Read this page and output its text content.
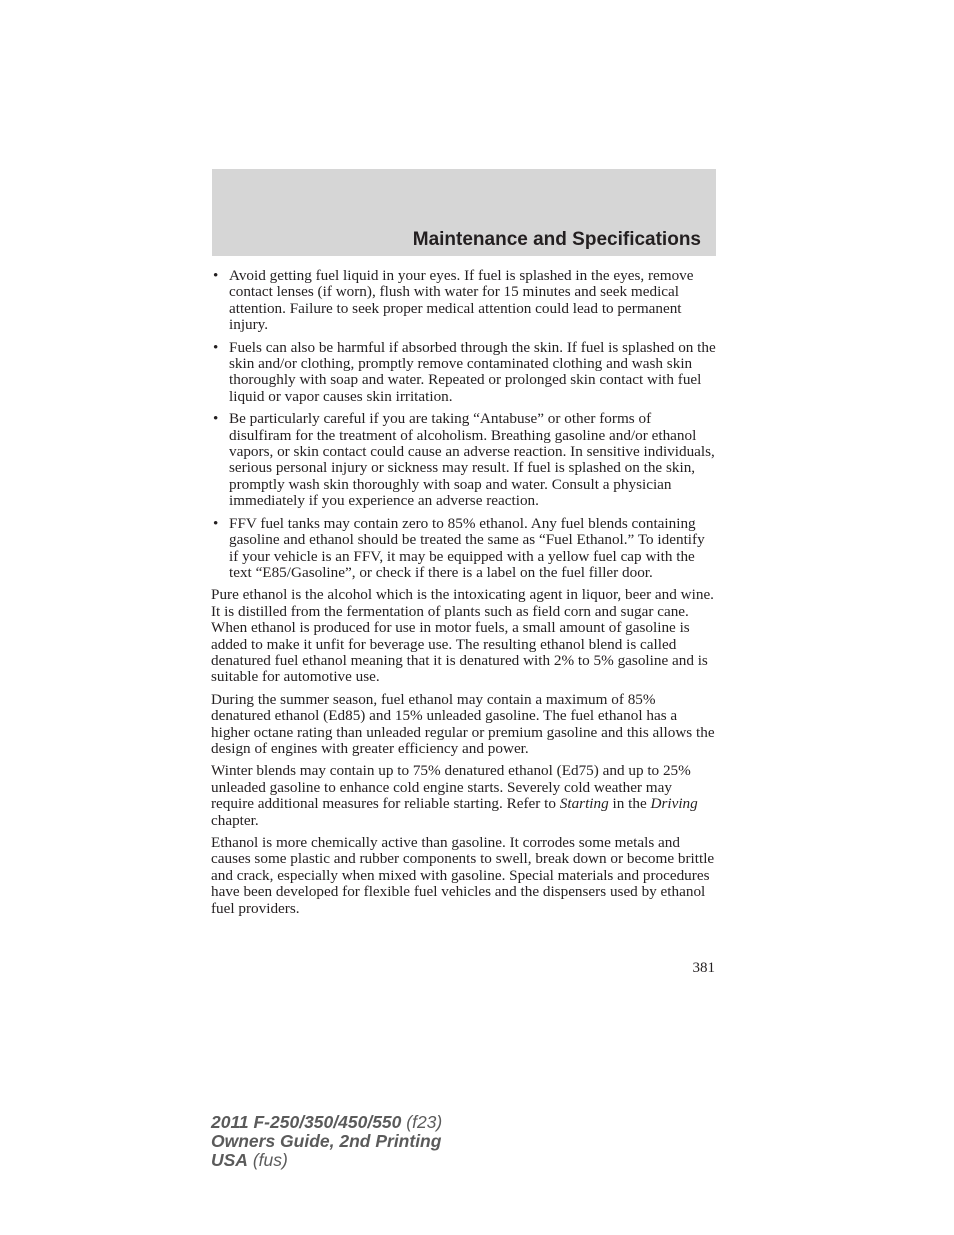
Maintenance and Specifications
• Avoid getting fuel liquid in your eyes. If fuel is splashed in the eyes, remove contact lenses (if worn), flush with water for 15 minutes and seek medical attention. Failure to seek proper medical attention could lead to permanent injury.
• Fuels can also be harmful if absorbed through the skin. If fuel is splashed on the skin and/or clothing, promptly remove contaminated clothing and wash skin thoroughly with soap and water. Repeated or prolonged skin contact with fuel liquid or vapor causes skin irritation.
• Be particularly careful if you are taking “Antabuse” or other forms of disulfiram for the treatment of alcoholism. Breathing gasoline and/or ethanol vapors, or skin contact could cause an adverse reaction. In sensitive individuals, serious personal injury or sickness may result. If fuel is splashed on the skin, promptly wash skin thoroughly with soap and water. Consult a physician immediately if you experience an adverse reaction.
• FFV fuel tanks may contain zero to 85% ethanol. Any fuel blends containing gasoline and ethanol should be treated the same as “Fuel Ethanol.” To identify if your vehicle is an FFV, it may be equipped with a yellow fuel cap with the text “E85/Gasoline”, or check if there is a label on the fuel filler door.

Pure ethanol is the alcohol which is the intoxicating agent in liquor, beer and wine. It is distilled from the fermentation of plants such as field corn and sugar cane. When ethanol is produced for use in motor fuels, a small amount of gasoline is added to make it unfit for beverage use. The resulting ethanol blend is called denatured fuel ethanol meaning that it is denatured with 2% to 5% gasoline and is suitable for automotive use.

During the summer season, fuel ethanol may contain a maximum of 85% denatured ethanol (Ed85) and 15% unleaded gasoline. The fuel ethanol has a higher octane rating than unleaded regular or premium gasoline and this allows the design of engines with greater efficiency and power.

Winter blends may contain up to 75% denatured ethanol (Ed75) and up to 25% unleaded gasoline to enhance cold engine starts. Severely cold weather may require additional measures for reliable starting. Refer to Starting in the Driving chapter.

Ethanol is more chemically active than gasoline. It corrodes some metals and causes some plastic and rubber components to swell, break down or become brittle and crack, especially when mixed with gasoline. Special materials and procedures have been developed for flexible fuel vehicles and the dispensers used by ethanol fuel providers.

381
2011 F-250/350/450/550 (f23)
Owners Guide, 2nd Printing
USA (fus)
